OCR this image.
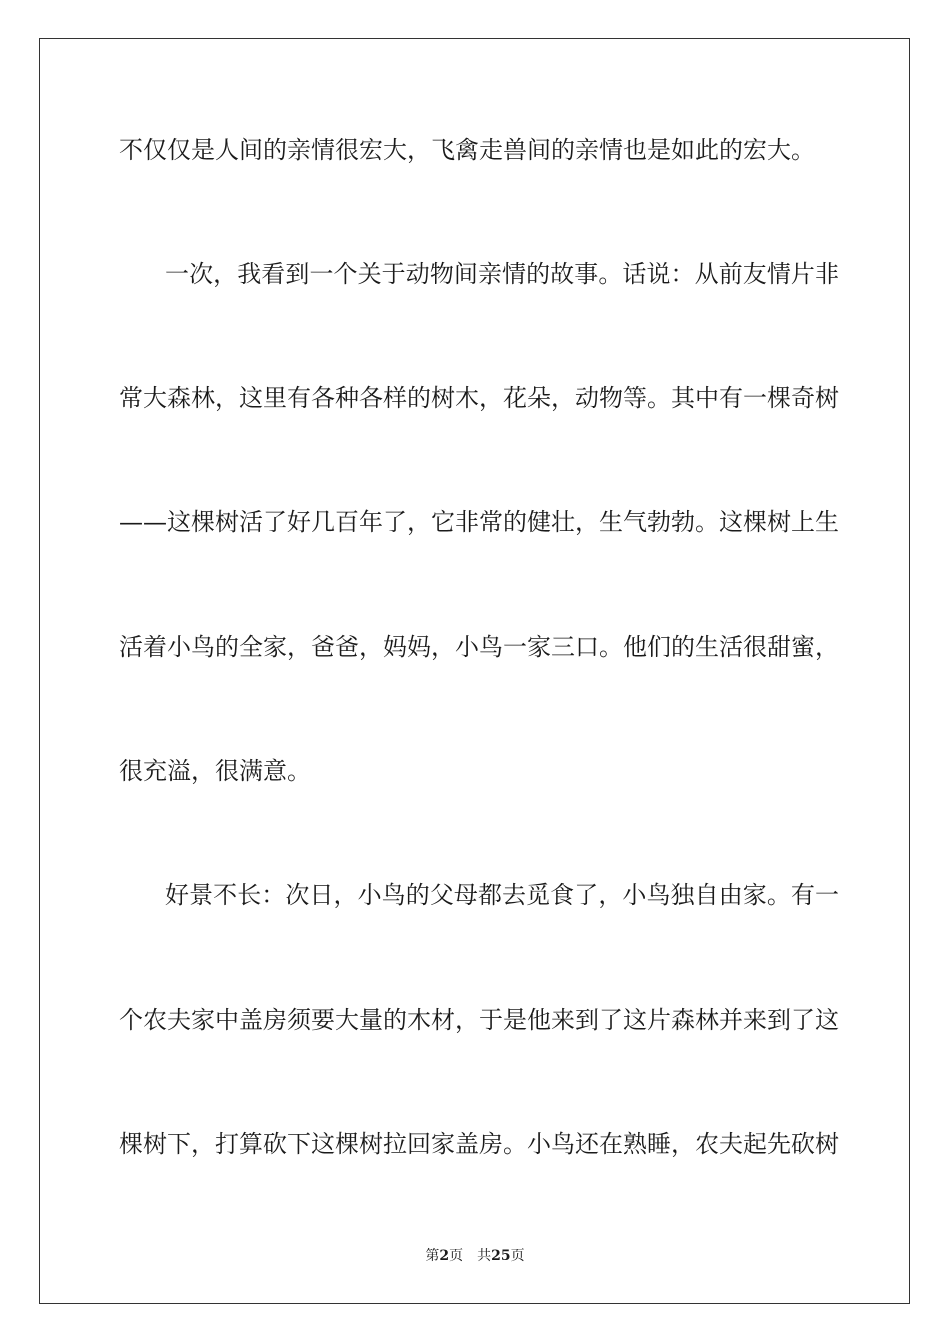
不仅仅是人间的亲情很宏大，飞禽走兽间的亲情也是如此的宏大。
一次，我看到一个关于动物间亲情的故事。话说：从前友情片非
常大森林，这里有各种各样的树木，花朵，动物等。其中有一棵奇树
——这棵树活了好几百年了，它非常的健壮，生气勃勃。这棵树上生
活着小鸟的全家，爸爸，妈妈，小鸟一家三口。他们的生活很甜蜜，
很充溢，很满意。
好景不长：次日，小鸟的父母都去觅食了，小鸟独自由家。有一
个农夫家中盖房须要大量的木材，于是他来到了这片森林并来到了这
棵树下，打算砍下这棵树拉回家盖房。小鸟还在熟睡，农夫起先砍树
第2页 共25页
